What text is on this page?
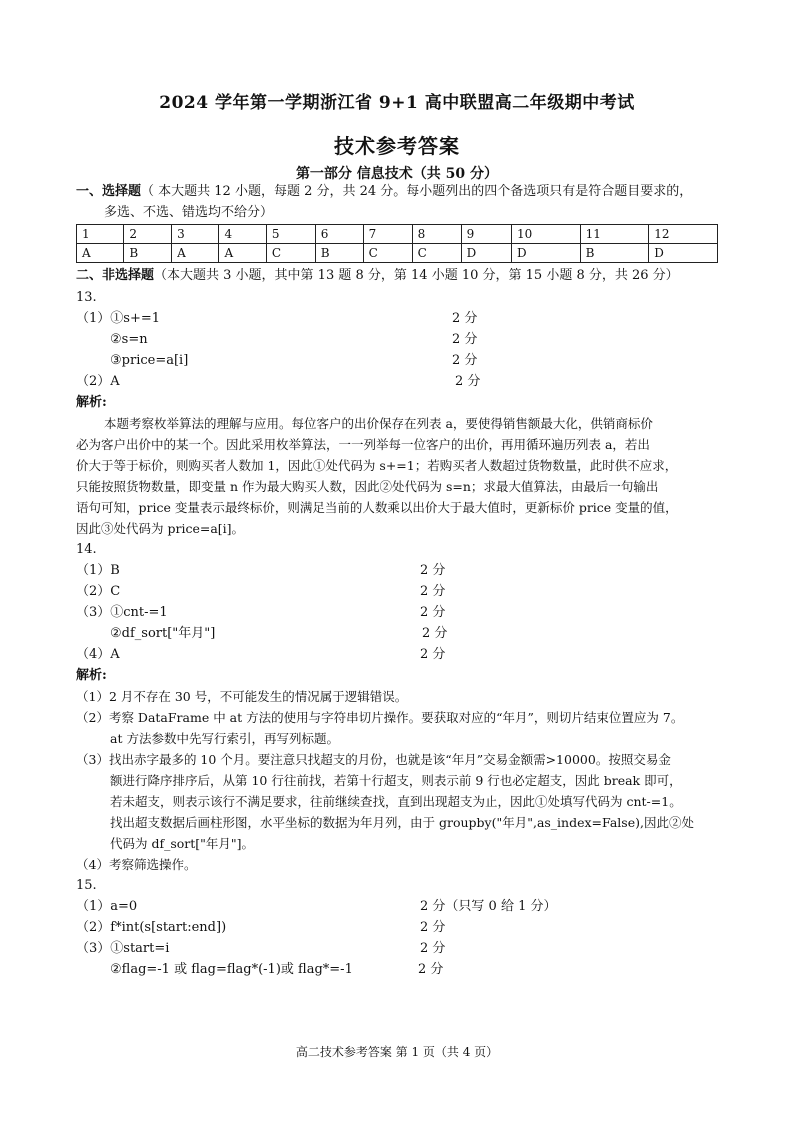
2024 学年第一学期浙江省 9+1 高中联盟高二年级期中考试
技术参考答案
第一部分 信息技术（共 50 分）
一、选择题（ 本大题共 12 小题，每题 2 分，共 24 分。每小题列出的四个备选项只有是符合题目要求的，
多选、不选、错选均不给分）
1	2	3	4	5	6	7	8	9	10	11	12
A	B	A	A	C	B	C	C	D	D	B	D
二、非选择题（本大题共 3 小题，其中第 13 题 8 分，第 14 小题 10 分，第 15 小题 8 分，共 26 分）
13.
（1）①s+=1	2 分
②s=n	2 分
③price=a[i]	2 分
（2）A	2 分
解析:
本题考察枚举算法的理解与应用。每位客户的出价保存在列表 a，要使得销售额最大化，供销商标价
必为客户出价中的某一个。因此采用枚举算法，一一列举每一位客户的出价，再用循环遍历列表 a，若出
价大于等于标价，则购买者人数加 1，因此①处代码为 s+=1；若购买者人数超过货物数量，此时供不应求，
只能按照货物数量，即变量 n 作为最大购买人数，因此②处代码为 s=n；求最大值算法，由最后一句输出
语句可知，price 变量表示最终标价，则满足当前的人数乘以出价大于最大值时，更新标价 price 变量的值，
因此③处代码为 price=a[i]。
14.
（1）B	2 分
（2）C	2 分
（3）①cnt-=1	2 分
②df_sort["年月"]	2 分
（4）A	2 分
解析:
（1）2 月不存在 30 号，不可能发生的情况属于逻辑错误。
（2）考察 DataFrame 中 at 方法的使用与字符串切片操作。要获取对应的“年月”，则切片结束位置应为 7。
at 方法参数中先写行索引，再写列标题。
（3）找出赤字最多的 10 个月。要注意只找超支的月份，也就是该“年月”交易金额需>10000。按照交易金
额进行降序排序后，从第 10 行往前找，若第十行超支，则表示前 9 行也必定超支，因此 break 即可，
若未超支，则表示该行不满足要求，往前继续查找，直到出现超支为止，因此①处填写代码为 cnt-=1。
找出超支数据后画柱形图，水平坐标的数据为年月列，由于 groupby("年月",as_index=False),因此②处
代码为 df_sort["年月"]。
（4）考察筛选操作。
15.
（1）a=0	2 分（只写 0 给 1 分）
（2）f*int(s[start:end])	2 分
（3）①start=i	2 分
②flag=-1 或 flag=flag*(-1)或 flag*=-1	2 分
高二技术参考答案 第 1 页（共 4 页）
